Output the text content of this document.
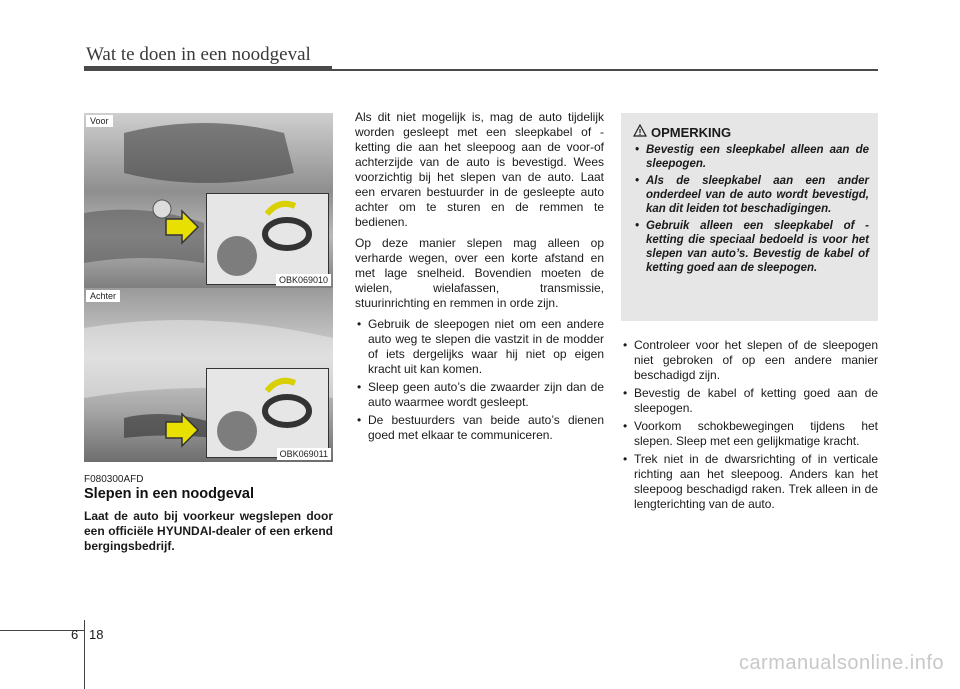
Wat te doen in een noodgeval
Voor
OBK069010
Achter
OBK069011
F080300AFD
Slepen in een noodgeval
Laat de auto bij voorkeur wegslepen door een officiële HYUNDAI-dealer of een erkend bergingsbedrijf.

Als dit niet mogelijk is, mag de auto tijdelijk worden gesleept met een sleepkabel of -ketting die aan het sleepoog aan de voor-of achterzijde van de auto is bevestigd. Wees voorzichtig bij het slepen van de auto. Laat een ervaren bestuurder in de gesleepte auto achter om te sturen en de remmen te bedienen.

Op deze manier slepen mag alleen op verharde wegen, over een korte afstand en met lage snelheid. Bovendien moeten de wielen, wielafassen, transmissie, stuurinrichting en remmen in orde zijn.

• Gebruik de sleepogen niet om een andere auto weg te slepen die vastzit in de modder of iets dergelijks waar hij niet op eigen kracht uit kan komen.
• Sleep geen auto’s die zwaarder zijn dan de auto waarmee wordt gesleept.
• De bestuurders van beide auto’s dienen goed met elkaar te communiceren.
OPMERKING
• Bevestig een sleepkabel alleen aan de sleepogen.
• Als de sleepkabel aan een ander onderdeel van de auto wordt bevestigd, kan dit leiden tot beschadigingen.
• Gebruik alleen een sleepkabel of -ketting die speciaal bedoeld is voor het slepen van auto’s. Bevestig de kabel of ketting goed aan de sleepogen.
• Controleer voor het slepen of de sleepogen niet gebroken of op een andere manier beschadigd zijn.
• Bevestig de kabel of ketting goed aan de sleepogen.
• Voorkom schokbewegingen tijdens het slepen. Sleep met een gelijkmatige kracht.
• Trek niet in de dwarsrichting of in verticale richting aan het sleepoog. Anders kan het sleepoog beschadigd raken. Trek alleen in de lengterichting van de auto.
6 18
carmanualsonline.info
